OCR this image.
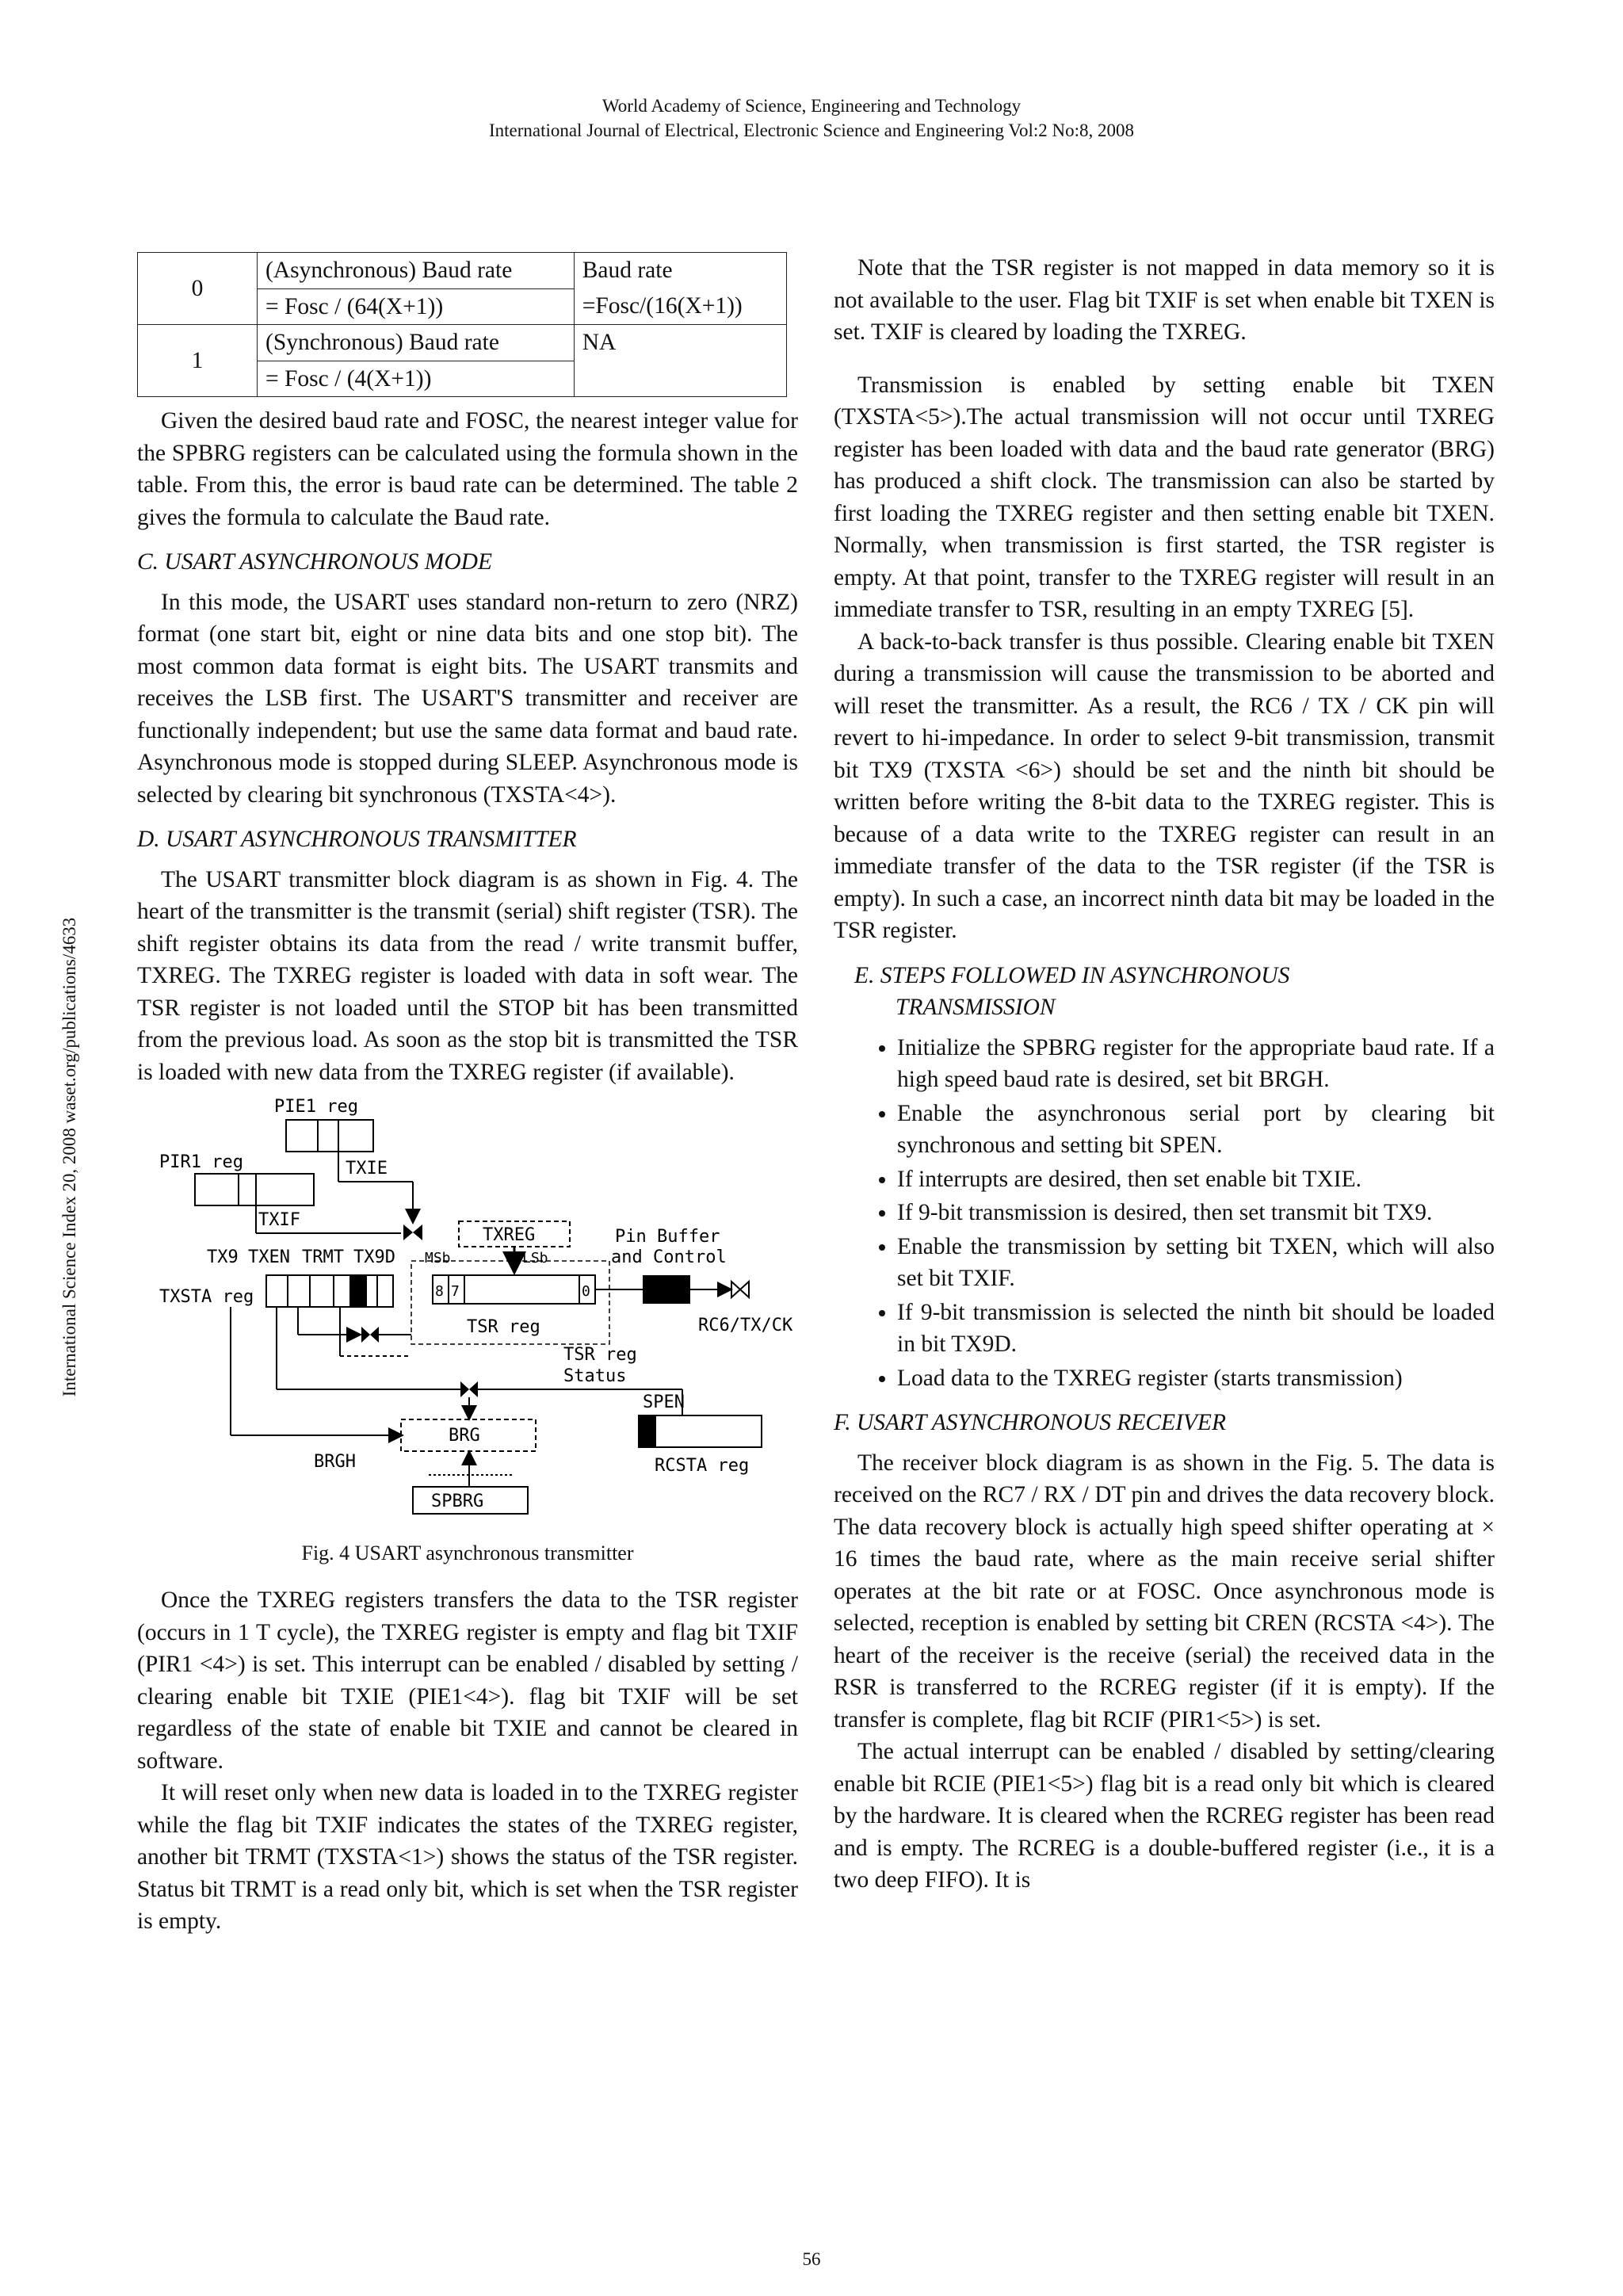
World Academy of Science, Engineering and Technology
International Journal of Electrical, Electronic Science and Engineering Vol:2 No:8, 2008
International Science Index 20, 2008 waset.org/publications/4633
0	(Asynchronous) Baud rate	Baud rate
	= Fosc / (64(X+1))	=Fosc/(16(X+1))
1	(Synchronous) Baud rate	NA
	= Fosc / (4(X+1))	

Given the desired baud rate and FOSC, the nearest integer value for the SPBRG registers can be calculated using the formula shown in the table. From this, the error is baud rate can be determined. The table 2 gives the formula to calculate the Baud rate.

C. USART ASYNCHRONOUS MODE

In this mode, the USART uses standard non-return to zero (NRZ) format (one start bit, eight or nine data bits and one stop bit). The most common data format is eight bits. The USART transmits and receives the LSB first. The USART'S transmitter and receiver are functionally independent; but use the same data format and baud rate. Asynchronous mode is stopped during SLEEP. Asynchronous mode is selected by clearing bit synchronous (TXSTA<4>).

D. USART ASYNCHRONOUS TRANSMITTER

The USART transmitter block diagram is as shown in Fig. 4. The heart of the transmitter is the transmit (serial) shift register (TSR). The shift register obtains its data from the read / write transmit buffer, TXREG. The TXREG register is loaded with data in soft wear. The TSR register is not loaded until the STOP bit has been transmitted from the previous load. As soon as the stop bit is transmitted the TSR is loaded with new data from the TXREG register (if available).

PIE1 reg
TXIE
PIR1 reg
TXIF
TXREG	Pin Buffer
and Control
TX9 TXEN TRMT TX9D MSb	LSb
TXSTA reg	8 7	0
TSR reg	RC6/TX/CK
TSR reg
Status
SPEN
BRG
BRGH	RCSTA reg
SPBRG
Fig. 4 USART asynchronous transmitter

Once the TXREG registers transfers the data to the TSR register (occurs in 1 T cycle), the TXREG register is empty and flag bit TXIF (PIR1 <4>) is set. This interrupt can be enabled / disabled by setting / clearing enable bit TXIE (PIE1<4>). flag bit TXIF will be set regardless of the state of enable bit TXIE and cannot be cleared in software.

It will reset only when new data is loaded in to the TXREG register while the flag bit TXIF indicates the states of the TXREG register, another bit TRMT (TXSTA<1>) shows the status of the TSR register. Status bit TRMT is a read only bit, which is set when the TSR register is empty.

Note that the TSR register is not mapped in data memory so it is not available to the user. Flag bit TXIF is set when enable bit TXEN is set. TXIF is cleared by loading the TXREG.

Transmission is enabled by setting enable bit TXEN (TXSTA<5>).The actual transmission will not occur until TXREG register has been loaded with data and the baud rate generator (BRG) has produced a shift clock. The transmission can also be started by first loading the TXREG register and then setting enable bit TXEN. Normally, when transmission is first started, the TSR register is empty. At that point, transfer to the TXREG register will result in an immediate transfer to TSR, resulting in an empty TXREG [5].

A back-to-back transfer is thus possible. Clearing enable bit TXEN during a transmission will cause the transmission to be aborted and will reset the transmitter. As a result, the RC6 / TX / CK pin will revert to hi-impedance. In order to select 9-bit transmission, transmit bit TX9 (TXSTA <6>) should be set and the ninth bit should be written before writing the 8-bit data to the TXREG register. This is because of a data write to the TXREG register can result in an immediate transfer of the data to the TSR register (if the TSR is empty). In such a case, an incorrect ninth data bit may be loaded in the TSR register.

E. STEPS FOLLOWED IN ASYNCHRONOUS
TRANSMISSION
• Initialize the SPBRG register for the appropriate baud rate. If a high speed baud rate is desired, set bit BRGH.
• Enable the asynchronous serial port by clearing bit synchronous and setting bit SPEN.
• If interrupts are desired, then set enable bit TXIE.
• If 9-bit transmission is desired, then set transmit bit TX9.
• Enable the transmission by setting bit TXEN, which will also set bit TXIF.
• If 9-bit transmission is selected the ninth bit should be loaded in bit TX9D.
• Load data to the TXREG register (starts transmission)
F. USART ASYNCHRONOUS RECEIVER

The receiver block diagram is as shown in the Fig. 5. The data is received on the RC7 / RX / DT pin and drives the data recovery block. The data recovery block is actually high speed shifter operating at × 16 times the baud rate, where as the main receive serial shifter operates at the bit rate or at FOSC. Once asynchronous mode is selected, reception is enabled by setting bit CREN (RCSTA <4>). The heart of the receiver is the receive (serial) the received data in the RSR is transferred to the RCREG register (if it is empty). If the transfer is complete, flag bit RCIF (PIR1<5>) is set.

The actual interrupt can be enabled / disabled by setting/clearing enable bit RCIE (PIE1<5>) flag bit is a read only bit which is cleared by the hardware. It is cleared when the RCREG register has been read and is empty. The RCREG is a double-buffered register (i.e., it is a two deep FIFO). It is

56
